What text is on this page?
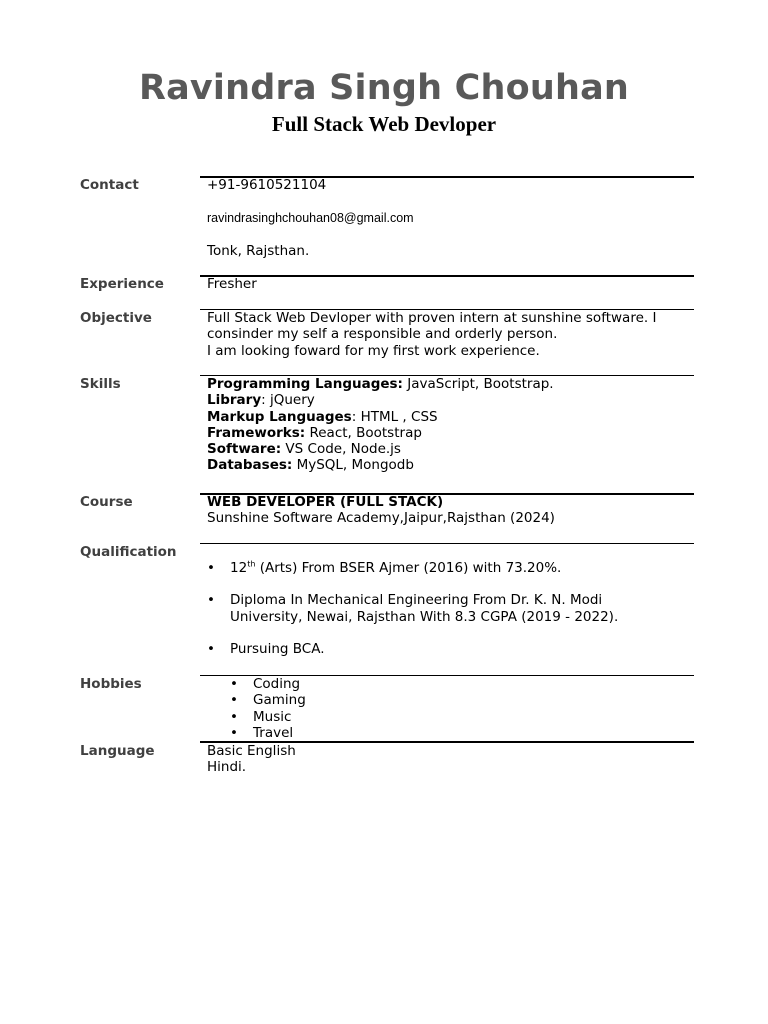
Ravindra Singh Chouhan
Full Stack Web Devloper
Contact	+91-9610521104
ravindrasinghchouhan08@gmail.com
Tonk, Rajsthan.
Experience	Fresher
Objective	Full Stack Web Devloper with proven intern at sunshine software. I
consinder my self a responsible and orderly person.
I am looking foward for my first work experience.
Skills	Programming Languages: JavaScript, Bootstrap.
Library: jQuery
Markup Languages: HTML , CSS
Frameworks: React, Bootstrap
Software: VS Code, Node.js
Databases: MySQL, Mongodb
Course	WEB DEVELOPER (FULL STACK)
Sunshine Software Academy,Jaipur,Rajsthan (2024)
Qualification
• 12th (Arts) From BSER Ajmer (2016) with 73.20%.
• Diploma In Mechanical Engineering From Dr. K. N. Modi
University, Newai, Rajsthan With 8.3 CGPA (2019 - 2022).
• Pursuing BCA.
Hobbies	• Coding
• Gaming
• Music
• Travel
Language	Basic English
Hindi.
